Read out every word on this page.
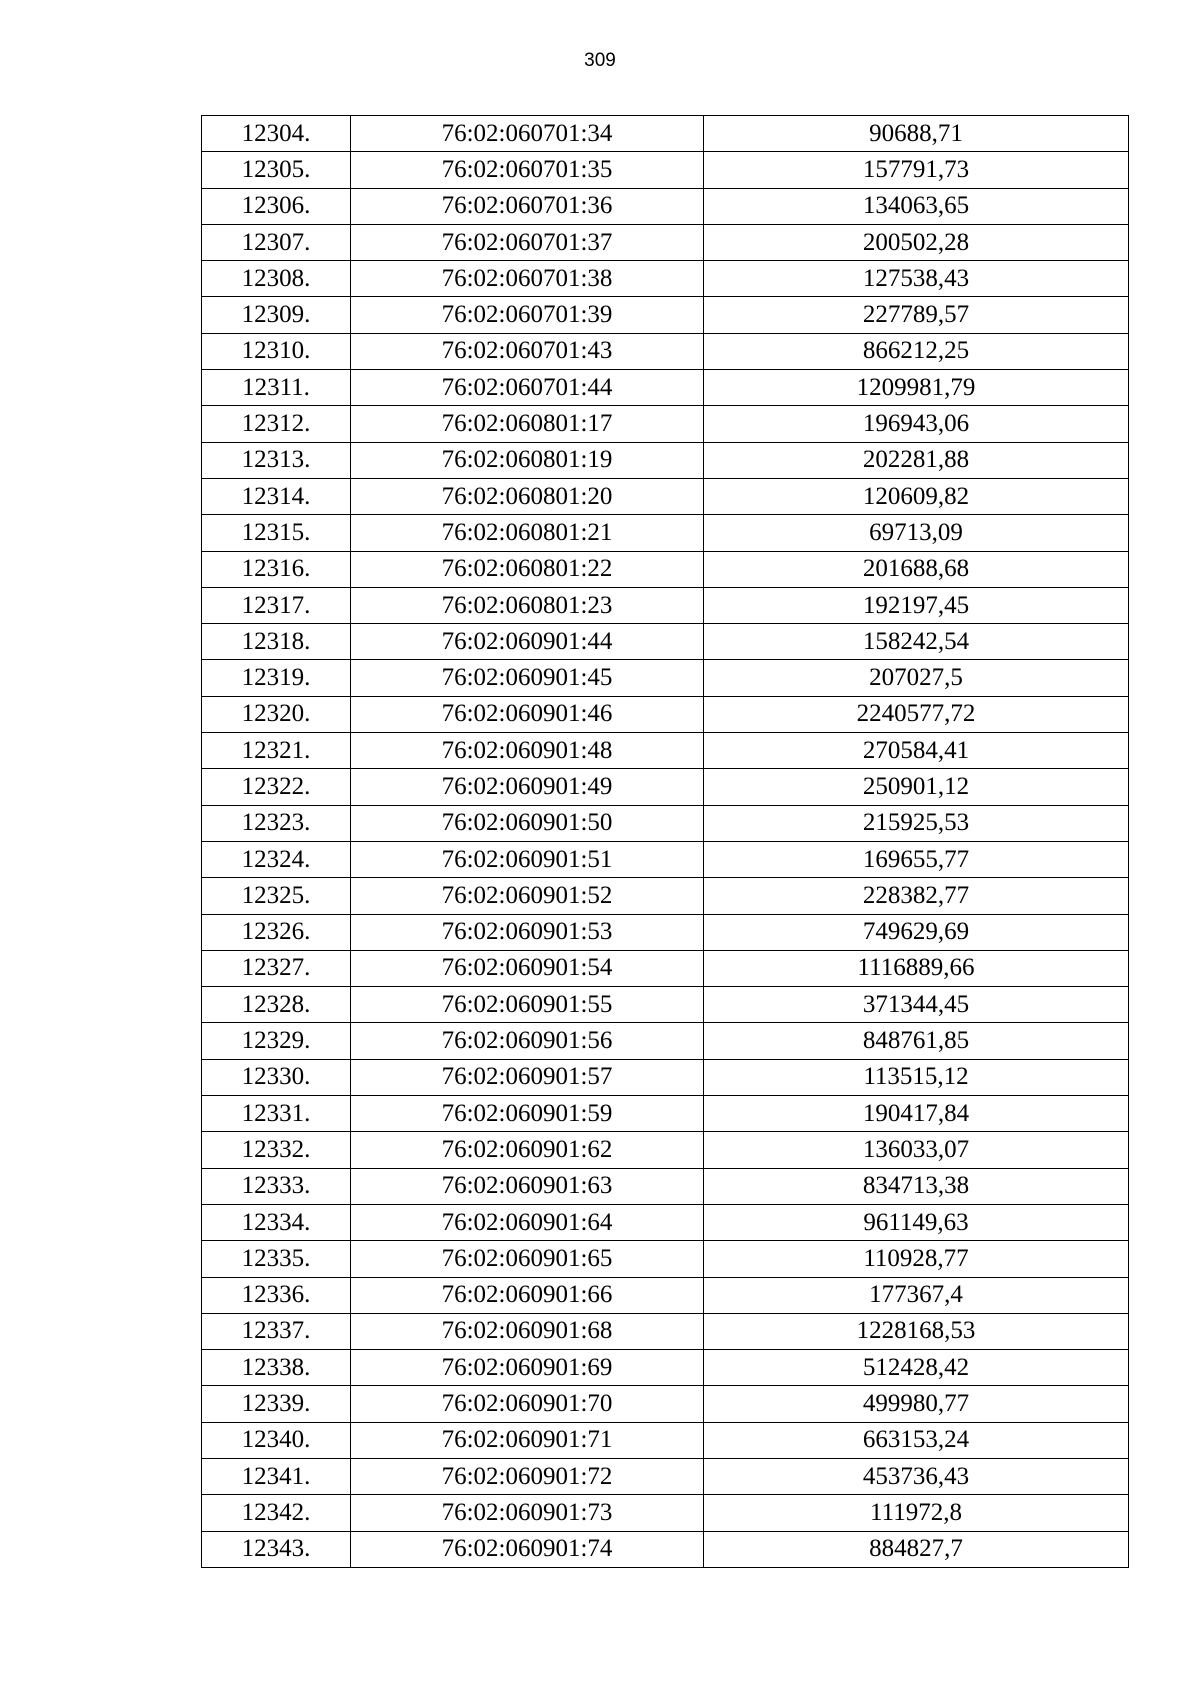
309
12304.	76:02:060701:34	90688,71
12305.	76:02:060701:35	157791,73
12306.	76:02:060701:36	134063,65
12307.	76:02:060701:37	200502,28
12308.	76:02:060701:38	127538,43
12309.	76:02:060701:39	227789,57
12310.	76:02:060701:43	866212,25
12311.	76:02:060701:44	1209981,79
12312.	76:02:060801:17	196943,06
12313.	76:02:060801:19	202281,88
12314.	76:02:060801:20	120609,82
12315.	76:02:060801:21	69713,09
12316.	76:02:060801:22	201688,68
12317.	76:02:060801:23	192197,45
12318.	76:02:060901:44	158242,54
12319.	76:02:060901:45	207027,5
12320.	76:02:060901:46	2240577,72
12321.	76:02:060901:48	270584,41
12322.	76:02:060901:49	250901,12
12323.	76:02:060901:50	215925,53
12324.	76:02:060901:51	169655,77
12325.	76:02:060901:52	228382,77
12326.	76:02:060901:53	749629,69
12327.	76:02:060901:54	1116889,66
12328.	76:02:060901:55	371344,45
12329.	76:02:060901:56	848761,85
12330.	76:02:060901:57	113515,12
12331.	76:02:060901:59	190417,84
12332.	76:02:060901:62	136033,07
12333.	76:02:060901:63	834713,38
12334.	76:02:060901:64	961149,63
12335.	76:02:060901:65	110928,77
12336.	76:02:060901:66	177367,4
12337.	76:02:060901:68	1228168,53
12338.	76:02:060901:69	512428,42
12339.	76:02:060901:70	499980,77
12340.	76:02:060901:71	663153,24
12341.	76:02:060901:72	453736,43
12342.	76:02:060901:73	111972,8
12343.	76:02:060901:74	884827,7
